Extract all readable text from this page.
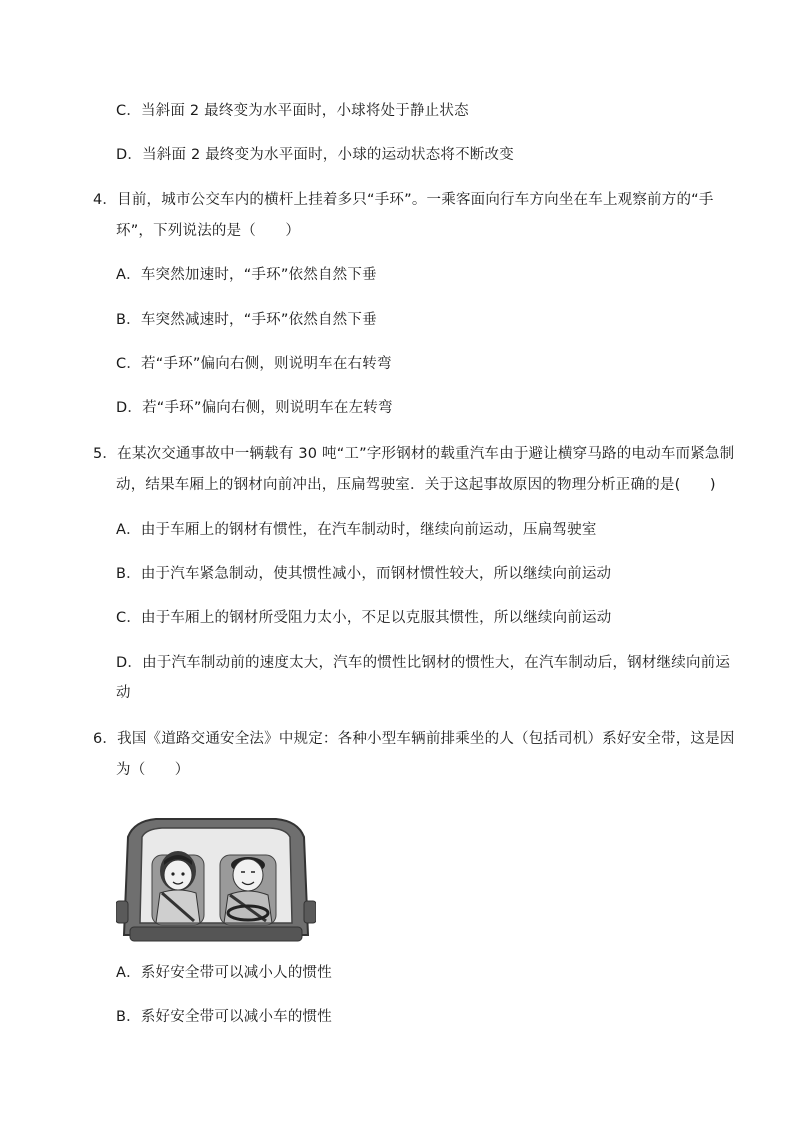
C．当斜面 2 最终变为水平面时，小球将处于静止状态
D．当斜面 2 最终变为水平面时，小球的运动状态将不断改变
4．目前，城市公交车内的横杆上挂着多只“手环”。一乘客面向行车方向坐在车上观察前方的“手
环”，下列说法的是（　　）
A．车突然加速时，“手环”依然自然下垂
B．车突然减速时，“手环”依然自然下垂
C．若“手环”偏向右侧，则说明车在右转弯
D．若“手环”偏向右侧，则说明车在左转弯
5．在某次交通事故中一辆载有 30 吨“工”字形钢材的载重汽车由于避让横穿马路的电动车而紧急制
动，结果车厢上的钢材向前冲出，压扁驾驶室．关于这起事故原因的物理分析正确的是(　　)
A．由于车厢上的钢材有惯性，在汽车制动时，继续向前运动，压扁驾驶室
B．由于汽车紧急制动，使其惯性减小，而钢材惯性较大，所以继续向前运动
C．由于车厢上的钢材所受阻力太小，不足以克服其惯性，所以继续向前运动
D．由于汽车制动前的速度太大，汽车的惯性比钢材的惯性大，在汽车制动后，钢材继续向前运
动
6．我国《道路交通安全法》中规定：各种小型车辆前排乘坐的人（包括司机）系好安全带，这是因
为（　　）
A．系好安全带可以减小人的惯性
B．系好安全带可以减小车的惯性
